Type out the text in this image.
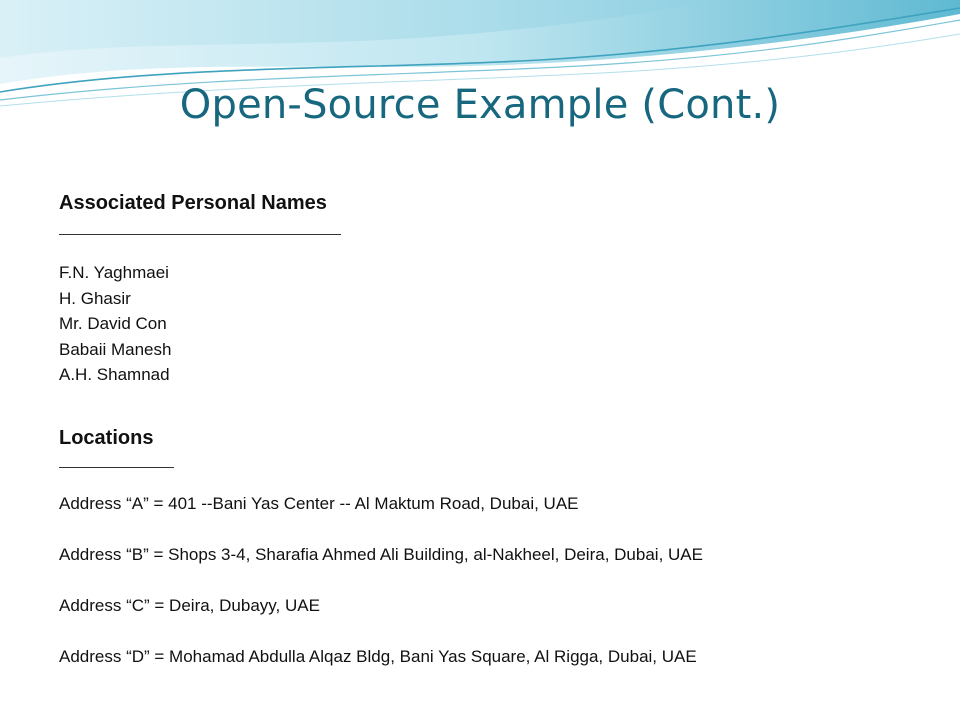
Open-Source Example (Cont.)
Associated Personal Names
F.N. Yaghmaei
H. Ghasir
Mr. David Con
Babaii Manesh
A.H. Shamnad
Locations

Address “A” = 401 --Bani Yas Center -- Al Maktum Road, Dubai, UAE

Address “B” = Shops 3-4, Sharafia Ahmed Ali Building, al-Nakheel, Deira, Dubai, UAE

Address “C” = Deira, Dubayy, UAE

Address “D” = Mohamad Abdulla Alqaz Bldg, Bani Yas Square, Al Rigga, Dubai, UAE
